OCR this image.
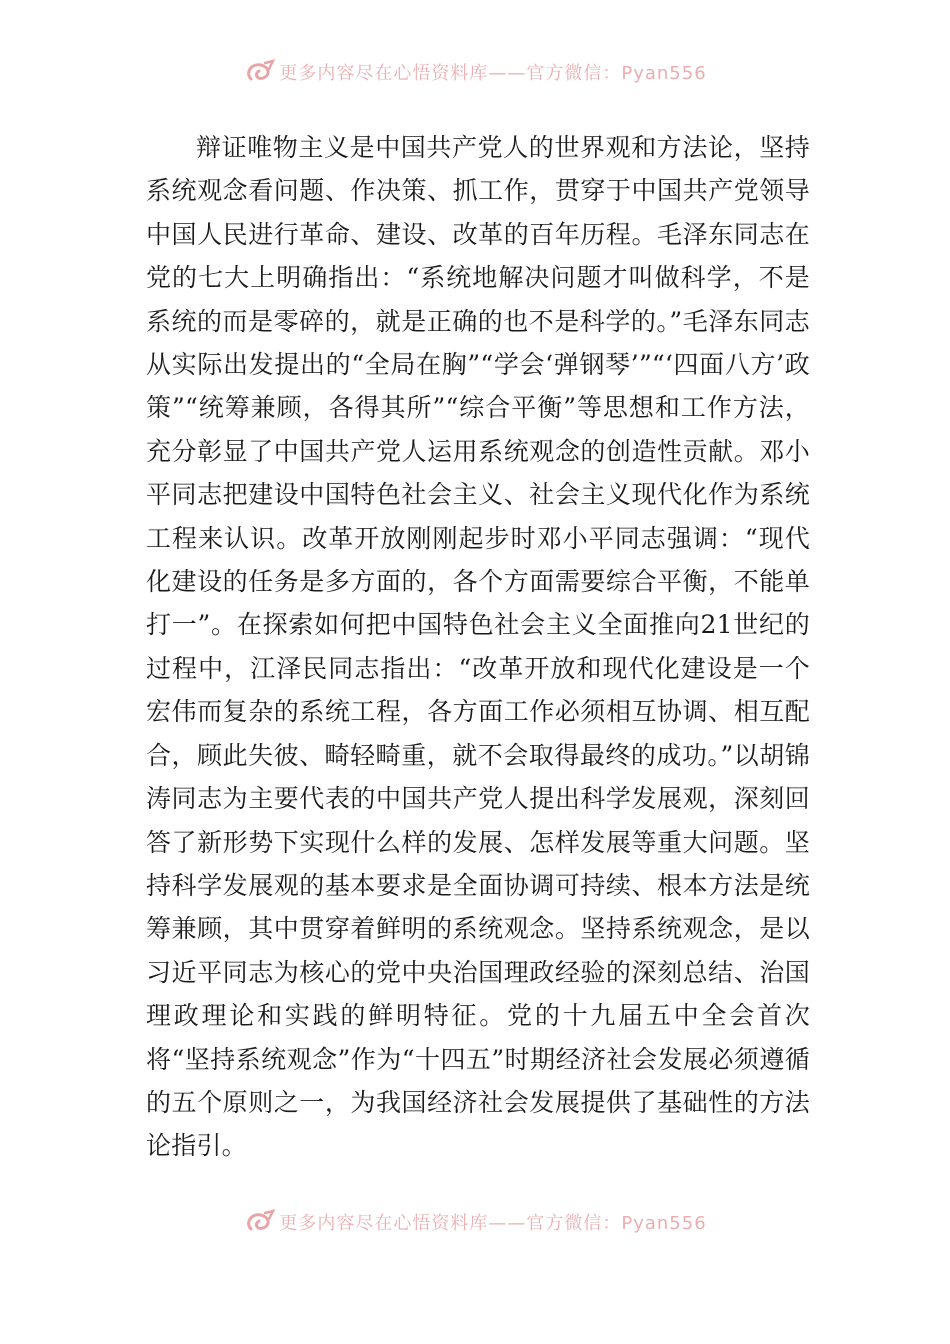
更多内容尽在心悟资料库——官方微信：Pyan556

辩证唯物主义是中国共产党人的世界观和方法论，坚持系统观念看问题、作决策、抓工作，贯穿于中国共产党领导中国人民进行革命、建设、改革的百年历程。毛泽东同志在党的七大上明确指出：“系统地解决问题才叫做科学，不是系统的而是零碎的，就是正确的也不是科学的。”毛泽东同志从实际出发提出的“全局在胸”“学会‘弹钢琴’”“‘四面八方’政策”“统筹兼顾，各得其所”“综合平衡”等思想和工作方法，充分彰显了中国共产党人运用系统观念的创造性贡献。邓小平同志把建设中国特色社会主义、社会主义现代化作为系统工程来认识。改革开放刚刚起步时邓小平同志强调：“现代化建设的任务是多方面的，各个方面需要综合平衡，不能单打一”。在探索如何把中国特色社会主义全面推向21世纪的过程中，江泽民同志指出：“改革开放和现代化建设是一个宏伟而复杂的系统工程，各方面工作必须相互协调、相互配合，顾此失彼、畸轻畸重，就不会取得最终的成功。”以胡锦涛同志为主要代表的中国共产党人提出科学发展观，深刻回答了新形势下实现什么样的发展、怎样发展等重大问题。坚持科学发展观的基本要求是全面协调可持续、根本方法是统筹兼顾，其中贯穿着鲜明的系统观念。坚持系统观念，是以习近平同志为核心的党中央治国理政经验的深刻总结、治国理政理论和实践的鲜明特征。党的十九届五中全会首次将“坚持系统观念”作为“十四五”时期经济社会发展必须遵循的五个原则之一，为我国经济社会发展提供了基础性的方法论指引。

更多内容尽在心悟资料库——官方微信：Pyan556
